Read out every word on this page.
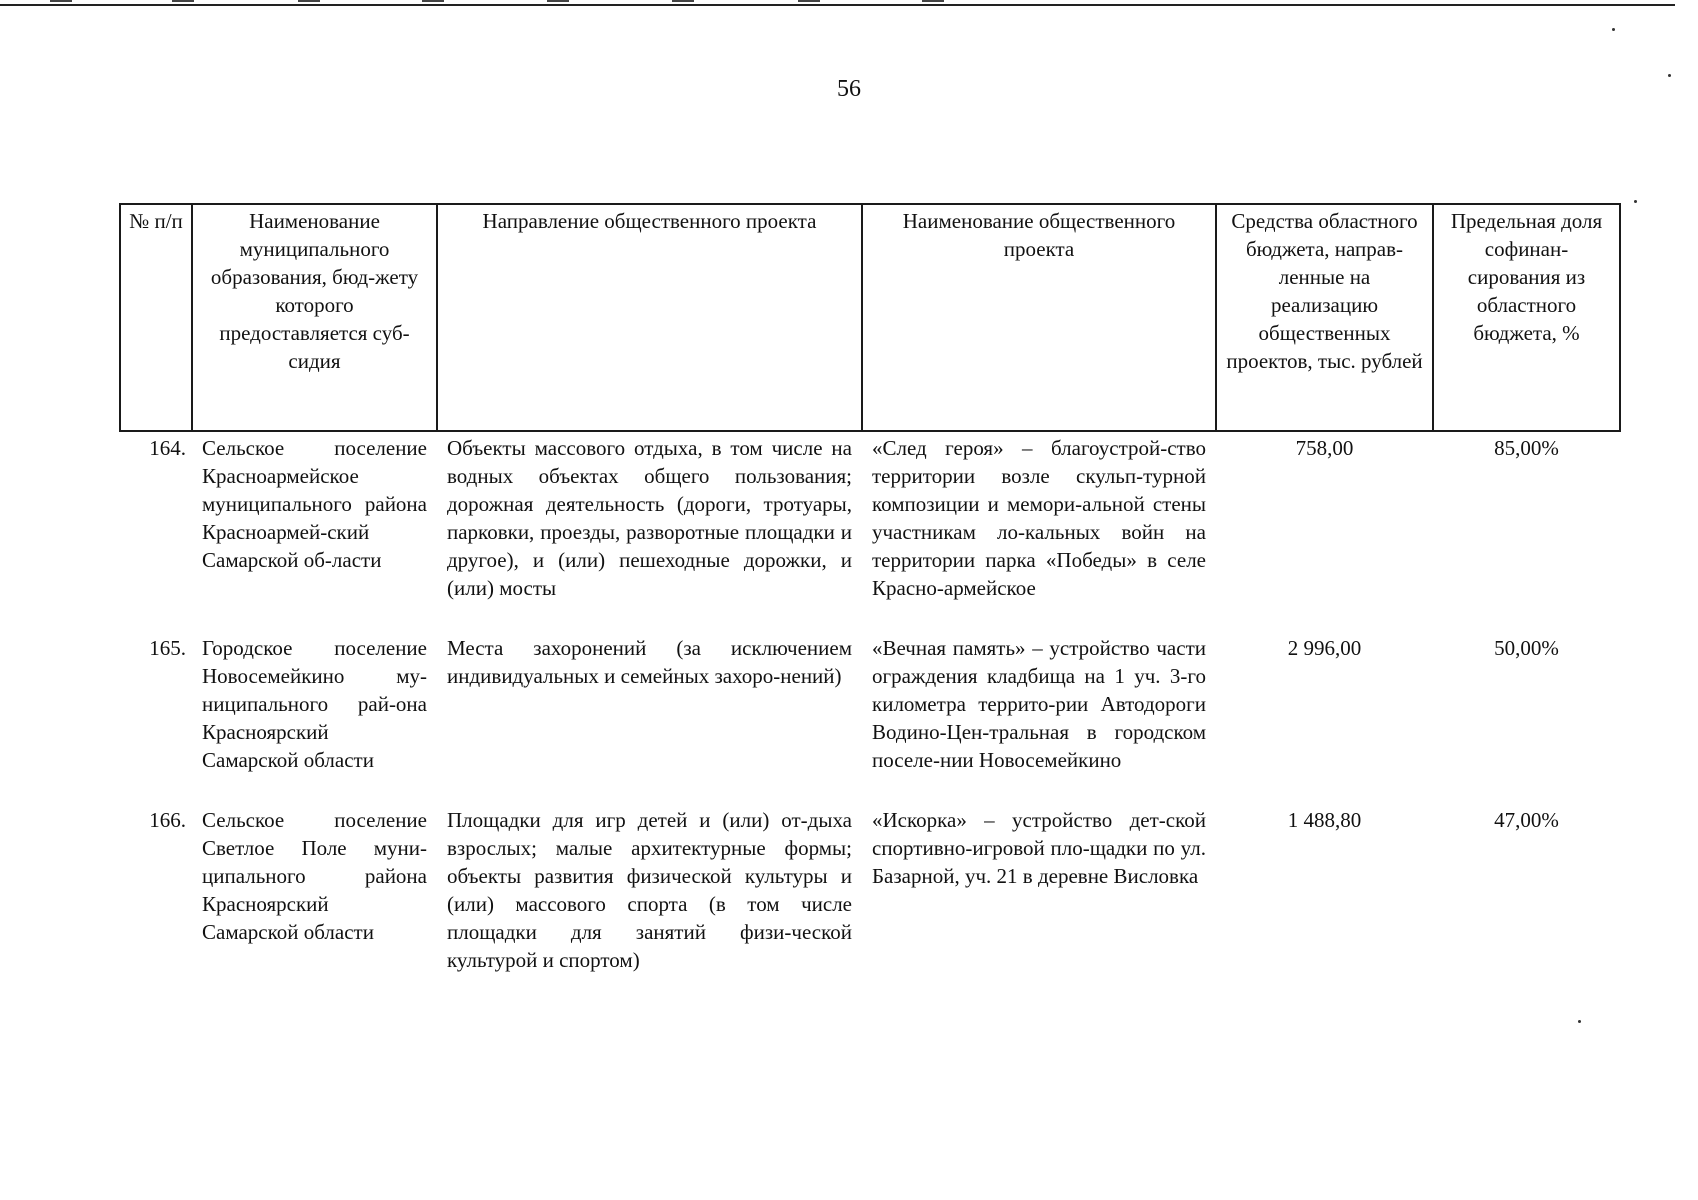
56
№ п/п	Наименование муниципального образования, бюд-жету которого предоставляется суб-сидия	Направление общественного проекта	Наименование общественного проекта	Средства областного бюджета, направ-ленные на реализацию общественных проектов, тыс. рублей	Предельная доля софинан-сирования из областного бюджета, %
164.	Сельское поселение Красноармейское муниципального района Красноармей-ский Самарской об-ласти	Объекты массового отдыха, в том числе на водных объектах общего пользования; дорожная деятельность (дороги, тротуары, парковки, проезды, разворотные площадки и другое), и (или) пешеходные дорожки, и (или) мосты	«След героя» – благоустрой-ство территории возле скульп-турной композиции и мемори-альной стены участникам ло-кальных войн на территории парка «Победы» в селе Красно-армейское	758,00	85,00%
165.	Городское поселение Новосемейкино му-ниципального рай-она Красноярский Самарской области	Места захоронений (за исключением индивидуальных и семейных захоро-нений)	«Вечная память» – устройство части ограждения кладбища на 1 уч. 3-го километра террито-рии Автодороги Водино-Цен-тральная в городском поселе-нии Новосемейкино	2 996,00	50,00%
166.	Сельское поселение Светлое Поле муни-ципального района Красноярский Самарской области	Площадки для игр детей и (или) от-дыха взрослых; малые архитектурные формы; объекты развития физической культуры и (или) массового спорта (в том числе площадки для занятий физи-ческой культурой и спортом)	«Искорка» – устройство дет-ской спортивно-игровой пло-щадки по ул. Базарной, уч. 21 в деревне Висловка	1 488,80	47,00%
